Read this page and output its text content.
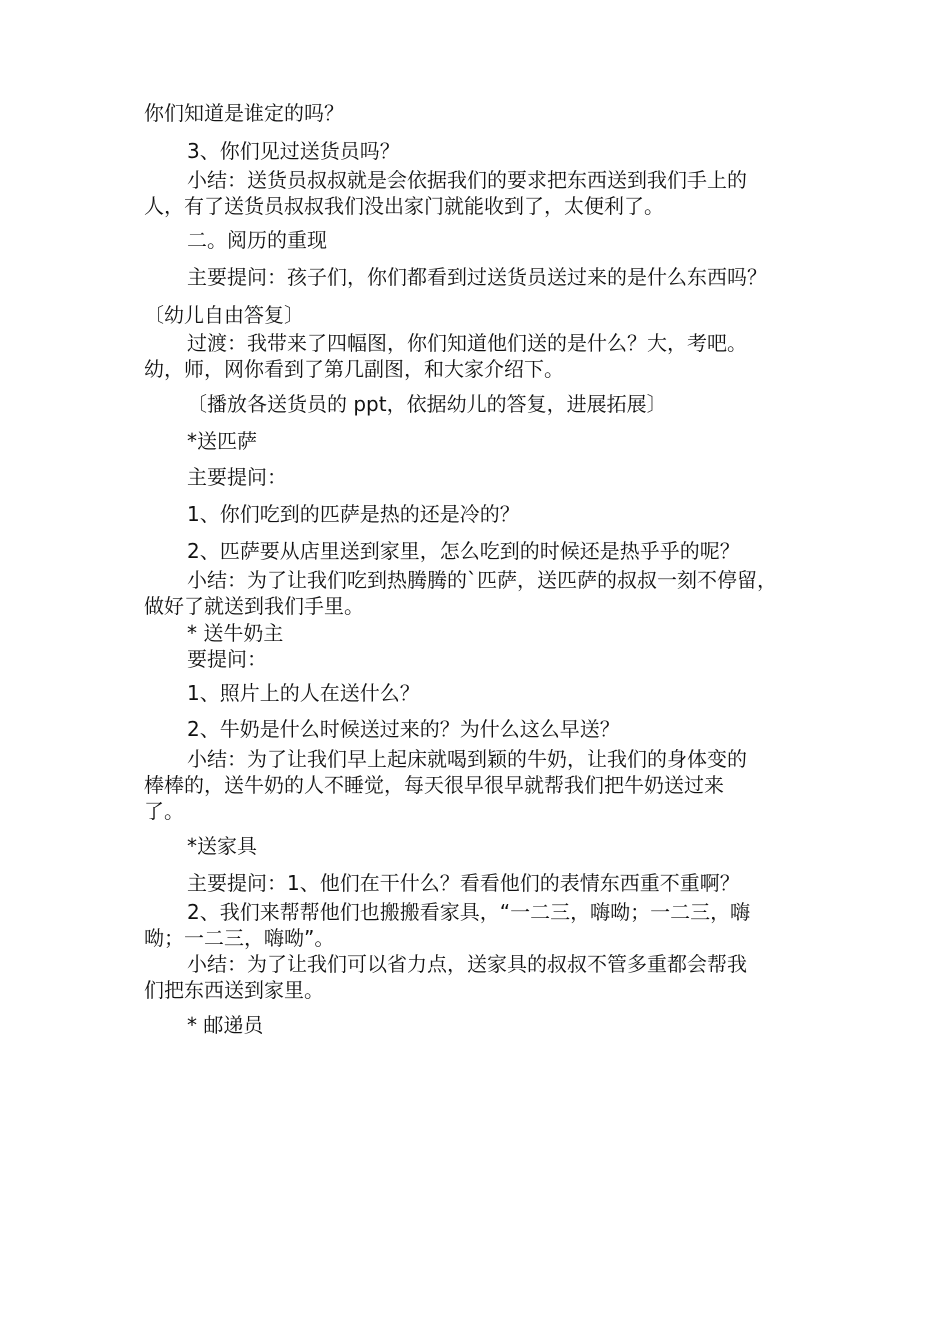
你们知道是谁定的吗？
3、你们见过送货员吗？
小结：送货员叔叔就是会依据我们的要求把东西送到我们手上的
人，有了送货员叔叔我们没出家门就能收到了，太便利了。
二。阅历的重现
主要提问：孩子们，你们都看到过送货员送过来的是什么东西吗？
〔幼儿自由答复〕
过渡：我带来了四幅图，你们知道他们送的是什么？大，考吧。
幼，师，网你看到了第几副图，和大家介绍下。
〔播放各送货员的 ppt，依据幼儿的答复，进展拓展〕
*送匹萨
主要提问：
1、你们吃到的匹萨是热的还是冷的？
2、匹萨要从店里送到家里，怎么吃到的时候还是热乎乎的呢？
小结：为了让我们吃到热腾腾的`匹萨，送匹萨的叔叔一刻不停留，
做好了就送到我们手里。
* 送牛奶主
要提问：
1、照片上的人在送什么？
2、牛奶是什么时候送过来的？为什么这么早送？
小结：为了让我们早上起床就喝到颖的牛奶，让我们的身体变的
棒棒的，送牛奶的人不睡觉，每天很早很早就帮我们把牛奶送过来
了。
*送家具
主要提问：1、他们在干什么？看看他们的表情东西重不重啊？
2、我们来帮帮他们也搬搬看家具，“一二三，嗨呦；一二三，嗨
呦；一二三，嗨呦”。
小结：为了让我们可以省力点，送家具的叔叔不管多重都会帮我
们把东西送到家里。
* 邮递员
